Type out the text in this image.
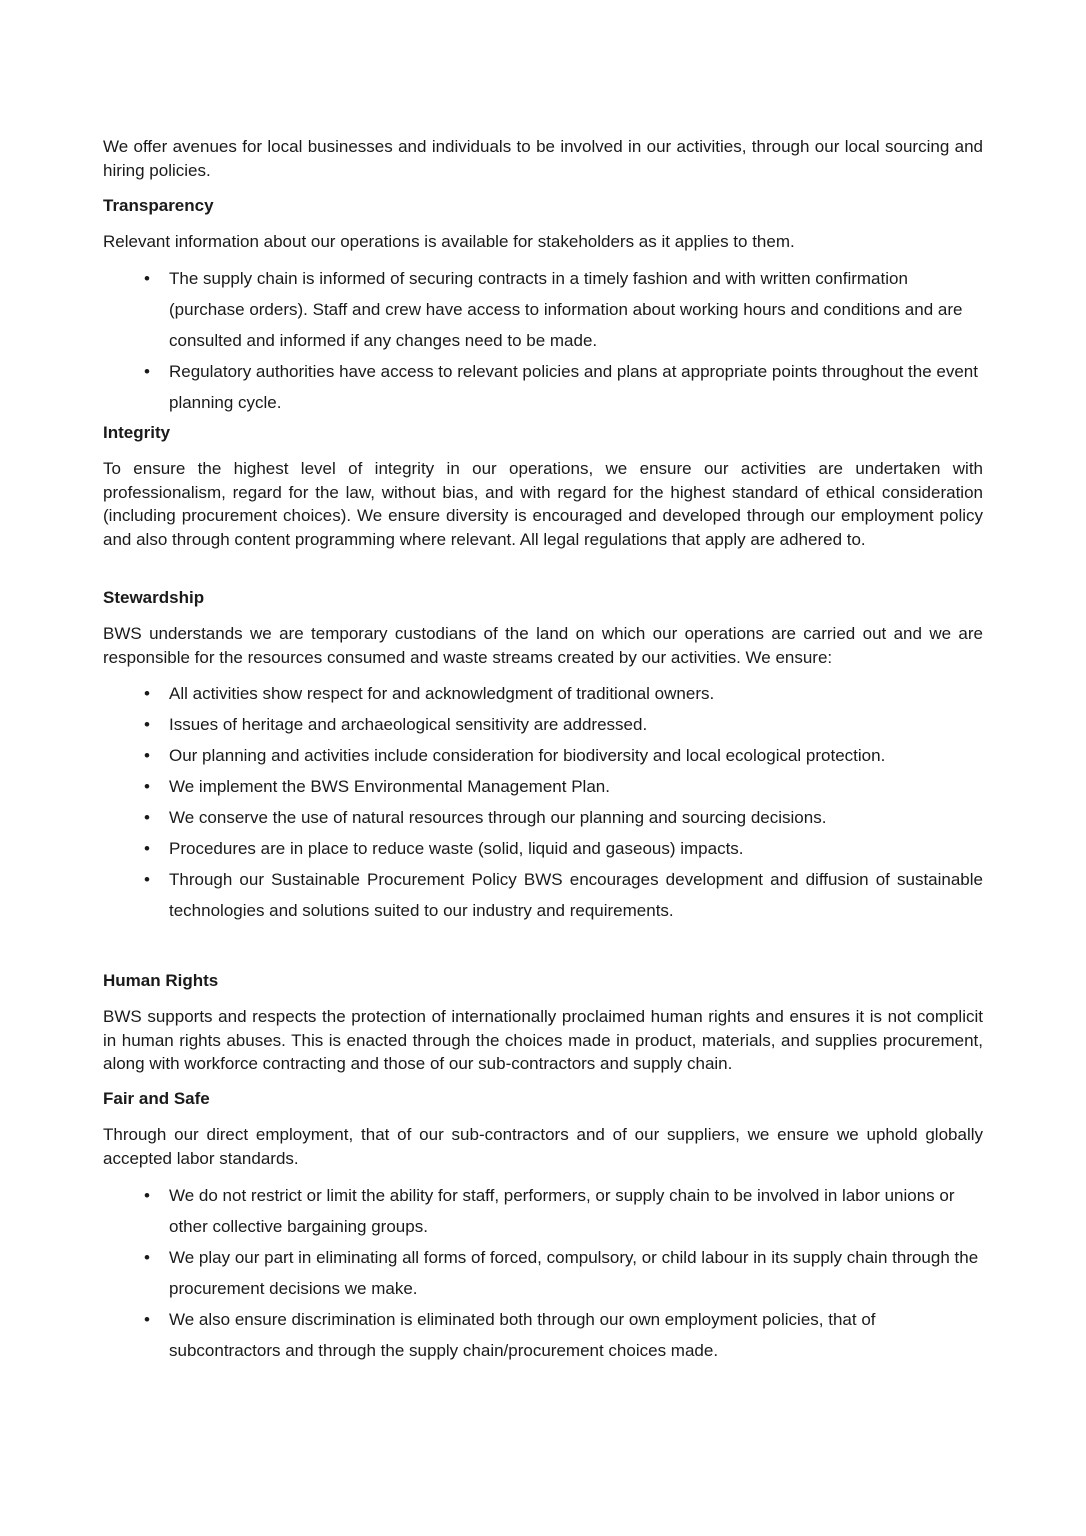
We offer avenues for local businesses and individuals to be involved in our activities, through our local sourcing and hiring policies.

Transparency

Relevant information about our operations is available for stakeholders as it applies to them.

• The supply chain is informed of securing contracts in a timely fashion and with written confirmation (purchase orders). Staff and crew have access to information about working hours and conditions and are consulted and informed if any changes need to be made.
• Regulatory authorities have access to relevant policies and plans at appropriate points throughout the event planning cycle.
Integrity

To ensure the highest level of integrity in our operations, we ensure our activities are undertaken with professionalism, regard for the law, without bias, and with regard for the highest standard of ethical consideration (including procurement choices). We ensure diversity is encouraged and developed through our employment policy and also through content programming where relevant. All legal regulations that apply are adhered to.

Stewardship

BWS understands we are temporary custodians of the land on which our operations are carried out and we are responsible for the resources consumed and waste streams created by our activities. We ensure:

• All activities show respect for and acknowledgment of traditional owners.
• Issues of heritage and archaeological sensitivity are addressed.
• Our planning and activities include consideration for biodiversity and local ecological protection.
• We implement the BWS Environmental Management Plan.
• We conserve the use of natural resources through our planning and sourcing decisions.
• Procedures are in place to reduce waste (solid, liquid and gaseous) impacts.
• Through our Sustainable Procurement Policy BWS encourages development and diffusion of sustainable technologies and solutions suited to our industry and requirements.
Human Rights

BWS supports and respects the protection of internationally proclaimed human rights and ensures it is not complicit in human rights abuses. This is enacted through the choices made in product, materials, and supplies procurement, along with workforce contracting and those of our sub-contractors and supply chain.

Fair and Safe

Through our direct employment, that of our sub-contractors and of our suppliers, we ensure we uphold globally accepted labor standards.

• We do not restrict or limit the ability for staff, performers, or supply chain to be involved in labor unions or other collective bargaining groups.
• We play our part in eliminating all forms of forced, compulsory, or child labour in its supply chain through the procurement decisions we make.
• We also ensure discrimination is eliminated both through our own employment policies, that of subcontractors and through the supply chain/procurement choices made.
